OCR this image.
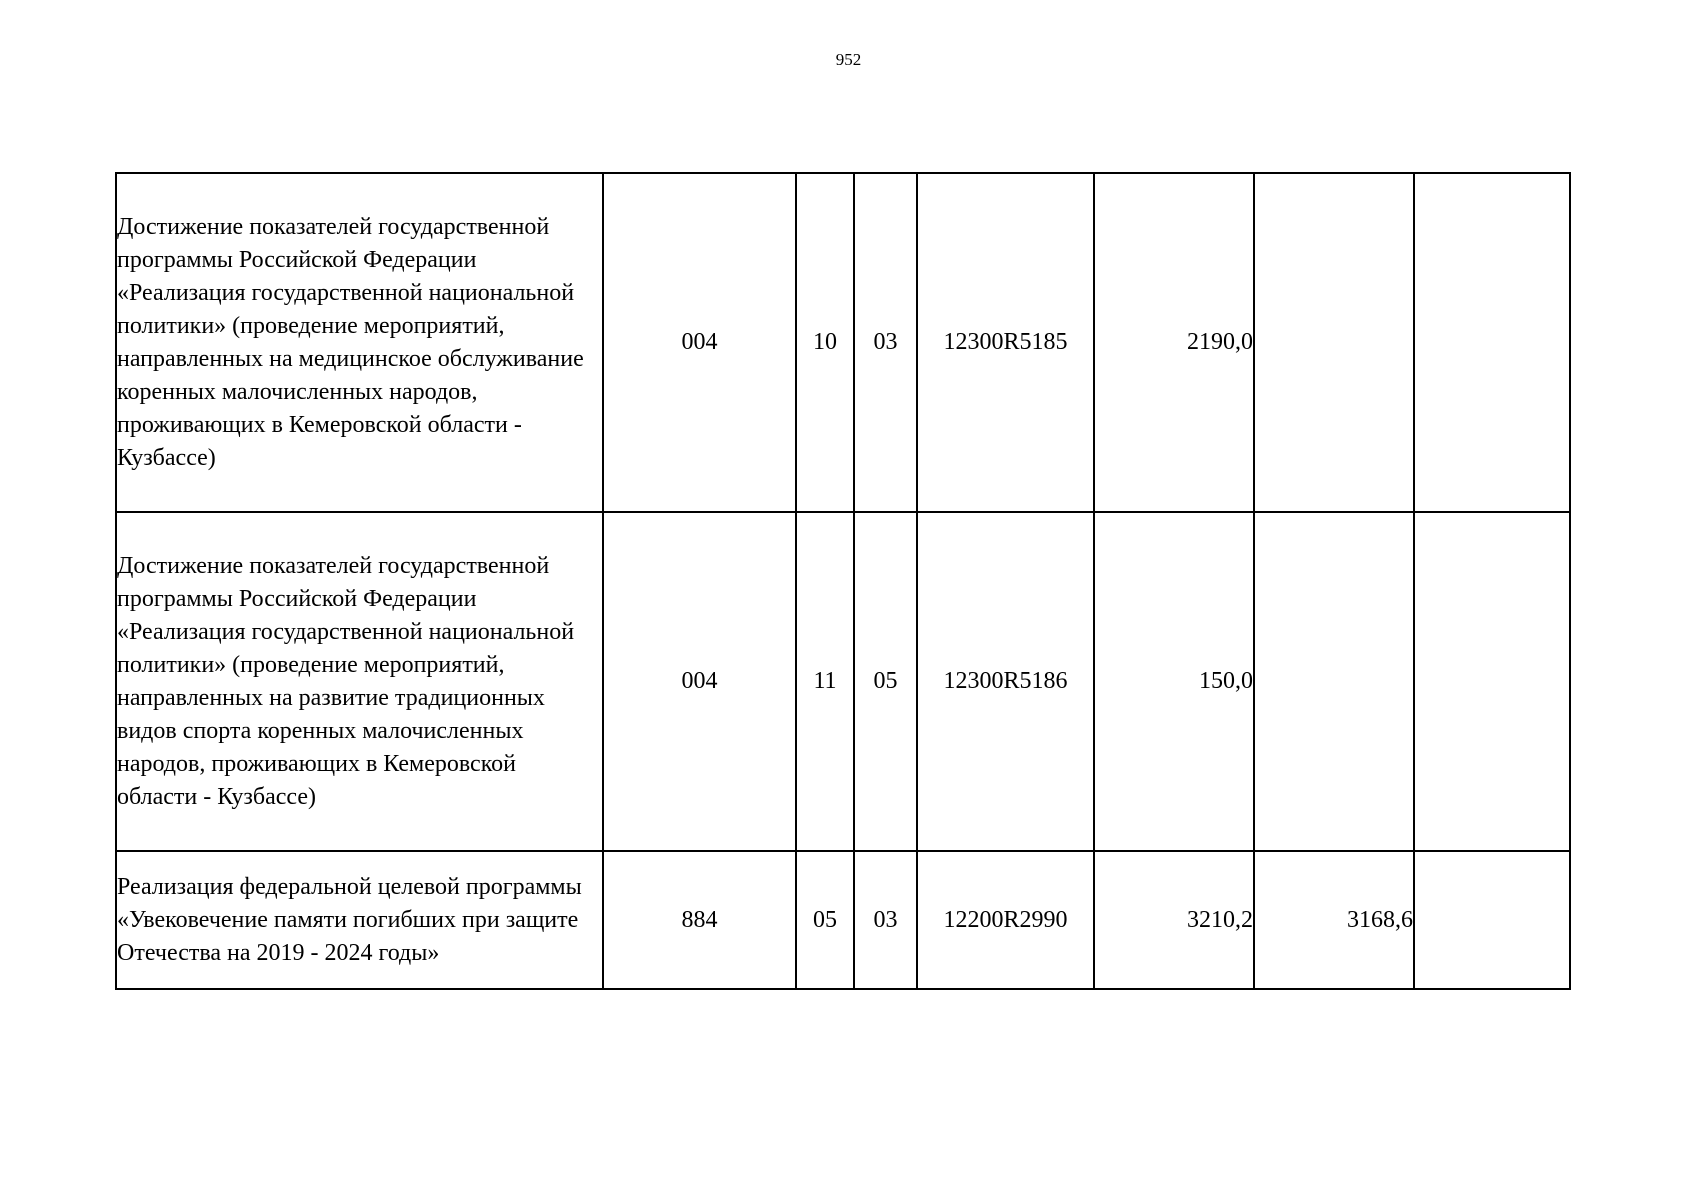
952
Достижение показателей государственной программы Российской Федерации «Реализация государственной национальной политики» (проведение мероприятий, направленных на медицинское обслуживание коренных малочисленных народов, проживающих в Кемеровской области - Кузбассе)	004	10	03	12300R5185	2190,0		
Достижение показателей государственной программы Российской Федерации «Реализация государственной национальной политики» (проведение мероприятий, направленных на развитие традиционных видов спорта коренных малочисленных народов, проживающих в Кемеровской области - Кузбассе)	004	11	05	12300R5186	150,0		
Реализация федеральной целевой программы «Увековечение памяти погибших при защите Отечества на 2019 - 2024 годы»	884	05	03	12200R2990	3210,2	3168,6	
